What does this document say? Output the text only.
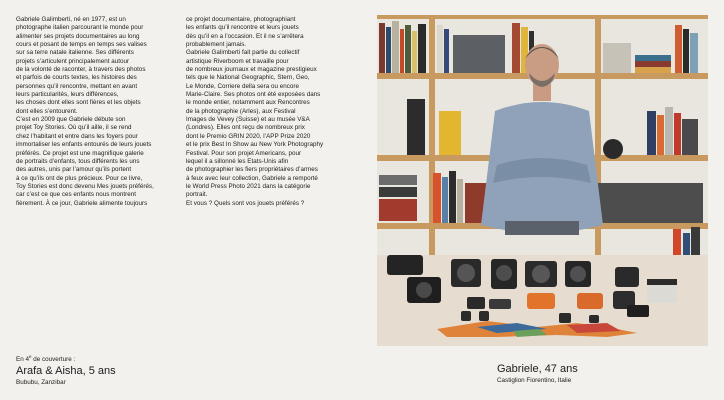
Gabriele Galimberti, né en 1977, est un

photographe italien parcourant le monde pour

alimenter ses projets documentaires au long

cours et posant de temps en temps ses valises

sur sa terre natale italienne. Ses différents

projets s’articulent principalement autour

de la volonté de raconter, à travers des photos

et parfois de courts textes, les histoires des

personnes qu’il rencontre, mettant en avant

leurs particularités, leurs différences,

les choses dont elles sont fières et les objets

dont elles s’entourent.

C’est en 2009 que Gabriele débute son

projet Toy Stories. Où qu’il aille, il se rend

chez l’habitant et entre dans les foyers pour

immortaliser les enfants entourés de leurs jouets

préférés. Ce projet est une magnifique galerie

de portraits d’enfants, tous différents les uns

des autres, unis par l’amour qu’ils portent

à ce qu’ils ont de plus précieux. Pour ce livre,

Toy Stories est donc devenu Mes jouets préférés,

car c’est ce que ces enfants nous montrent

fièrement. À ce jour, Gabriele alimente toujours

ce projet documentaire, photographiant

les enfants qu’il rencontre et leurs jouets

dès qu’il en a l’occasion. Et il ne s’arrêtera

probablement jamais.

Gabriele Galimberti fait partie du collectif

artistique Riverboom et travaille pour

de nombreux journaux et magazine prestigieux

tels que le National Geographic, Stern, Geo,

Le Monde, Corriere della sera ou encore

Marie-Claire. Ses photos ont été exposées dans

le monde entier, notamment aux Rencontres

de la photographie (Arles), aux Festival

Images de Vevey (Suisse) et au musée V&A

(Londres). Elles ont reçu de nombreux prix

dont le Premio GRIN 2020, l’APP Prize 2020

et le prix Best In Show au New York Photography

Festival. Pour son projet Americans, pour

lequel il a sillonné les Etats-Unis afin

de photographier les fiers propriétaires d’armes

à feux avec leur collection, Gabriele a remporté

le World Press Photo 2021 dans la catégorie

portrait.

Et vous ? Quels sont vos jouets préférés ?

En 4e de couverture :
Arafa & Aisha, 5 ans
Bububu, Zanzibar
Gabriele, 47 ans
Castiglion Fiorentino, Italie
